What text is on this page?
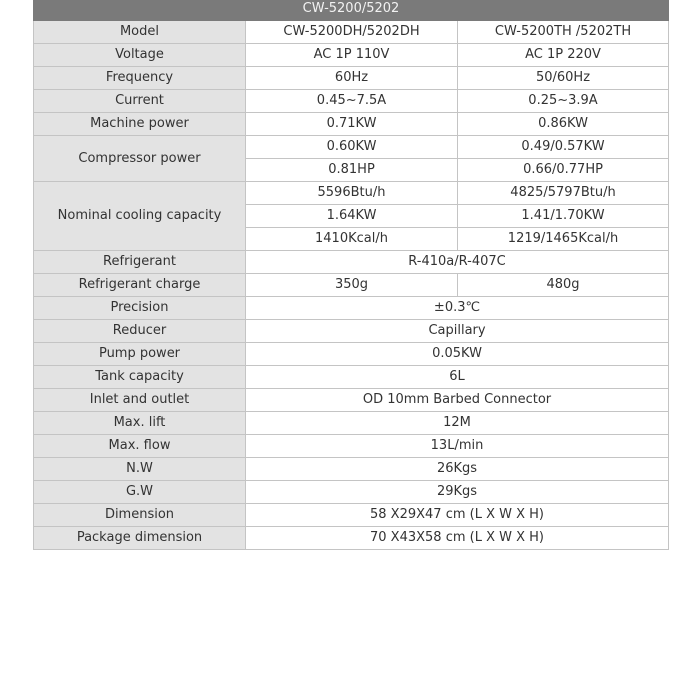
CW-5200/5202		
Model	CW-5200DH/5202DH	CW-5200TH /5202TH
Voltage	AC 1P 110V	AC 1P 220V
Frequency	60Hz	50/60Hz
Current	0.45~7.5A	0.25~3.9A
Machine power	0.71KW	0.86KW
Compressor power	0.60KW	0.49/0.57KW
	0.81HP	0.66/0.77HP
Nominal cooling capacity	5596Btu/h	4825/5797Btu/h
	1.64KW	1.41/1.70KW
	1410Kcal/h	1219/1465Kcal/h
Refrigerant	R-410a/R-407C	
Refrigerant charge	350g	480g
Precision	±0.3℃	
Reducer	Capillary	
Pump power	0.05KW	
Tank capacity	6L	
Inlet and outlet	OD 10mm Barbed Connector	
Max. lift	12M	
Max. flow	13L/min	
N.W	26Kgs	
G.W	29Kgs	
Dimension	58 X29X47 cm (L X W X H)	
Package dimension	70 X43X58 cm (L X W X H)	
